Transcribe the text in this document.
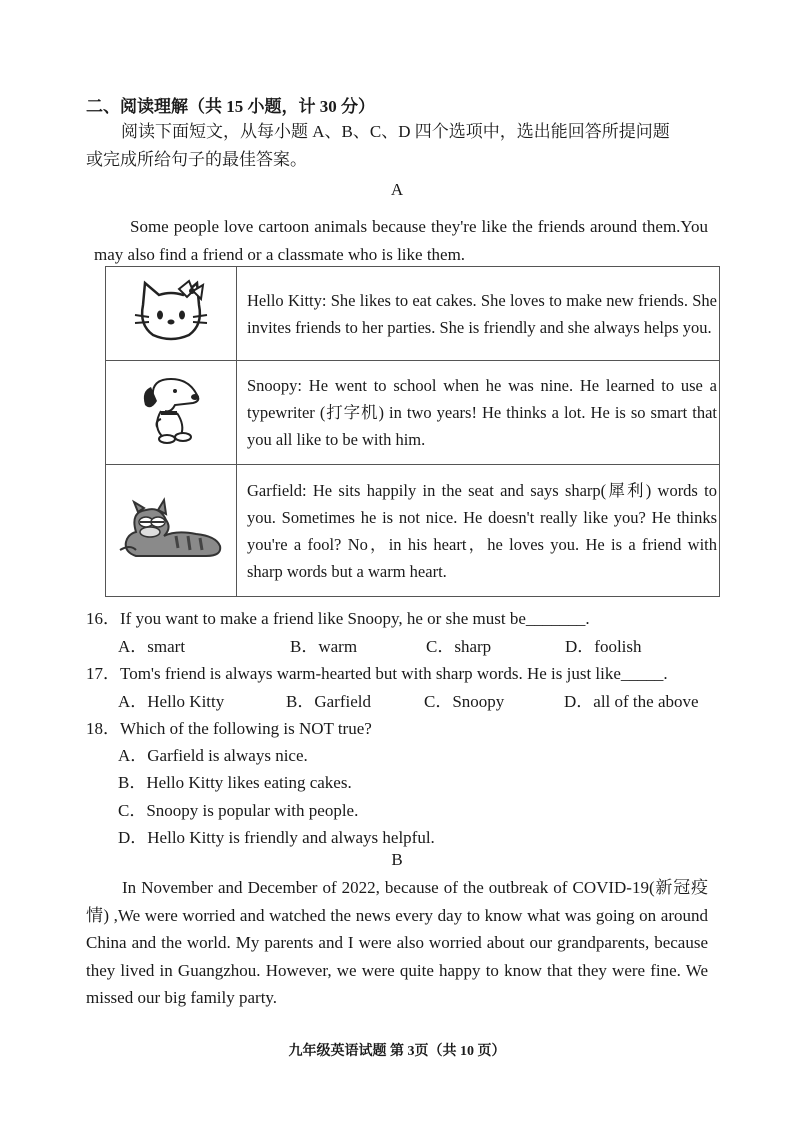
二、阅读理解（共 15 小题，计 30 分）
阅读下面短文，从每小题 A、B、C、D 四个选项中，选出能回答所提问题
或完成所给句子的最佳答案。
A
Some people love cartoon animals because they're like the friends around them.You may also find a friend or a classmate who is like them.
	Hello Kitty: She likes to eat cakes. She loves to make new friends. She invites friends to her parties. She is friendly and she always helps you.
	Snoopy: He went to school when he was nine. He learned to use a typewriter (打字机) in two years! He thinks a lot. He is so smart that you all like to be with him.
	Garfield: He sits happily in the seat and says sharp(犀利) words to you. Sometimes he is not nice. He doesn't really like you? He thinks you're a fool? No，in his heart，he loves you. He is a friend with sharp words but a warm heart.
16．If you want to make a friend like Snoopy, he or she must be_______.
A．smart	B．warm	C．sharp	D．foolish
17．Tom's friend is always warm-hearted but with sharp words. He is just like_____.
A．Hello Kitty	B．Garfield	C．Snoopy	D．all of the above
18．Which of the following is NOT true?
A．Garfield is always nice.
B．Hello Kitty likes eating cakes.
C．Snoopy is popular with people.
D．Hello Kitty is friendly and always helpful.
B
In November and December of 2022, because of the outbreak of COVID-19(新冠疫情) ,We were worried and watched the news every day to know what was going on around China and the world. My parents and I were also worried about our grandparents, because they lived in Guangzhou. However, we were quite happy to know that they were fine. We missed our big family party.
九年级英语试题 第 3页（共 10 页）
